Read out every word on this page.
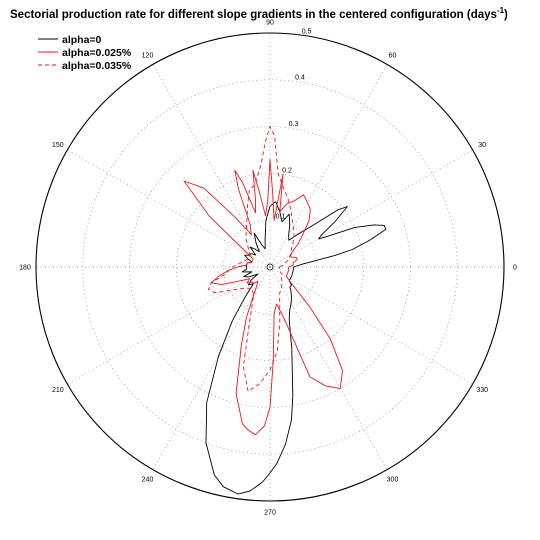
Sectorial production rate for different slope gradients in the centered configuration (days$^{-1}$)
0
30
60
90
120
150
180
210
240
270
300
330
0.1
0.2
0.3
0.4
0.5
alpha=0
alpha=0.025%
alpha=0.035%
